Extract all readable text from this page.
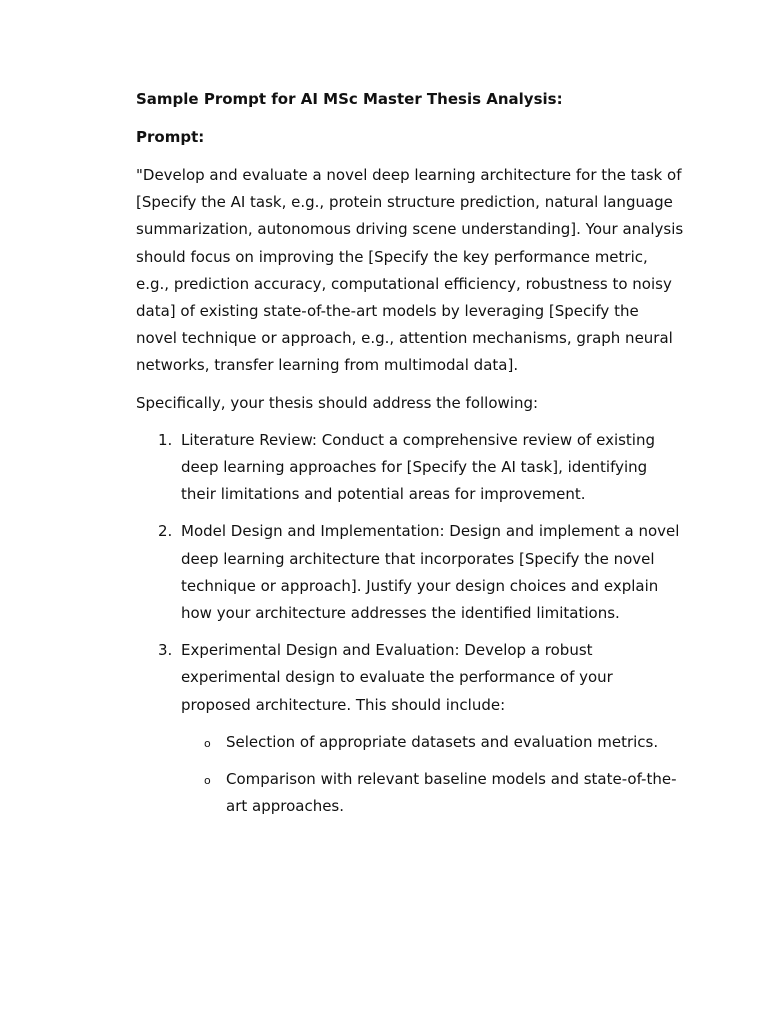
Sample Prompt for AI MSc Master Thesis Analysis:
Prompt:
"Develop and evaluate a novel deep learning architecture for the task of [Specify the AI task, e.g., protein structure prediction, natural language summarization, autonomous driving scene understanding]. Your analysis should focus on improving the [Specify the key performance metric, e.g., prediction accuracy, computational efficiency, robustness to noisy data] of existing state-of-the-art models by leveraging [Specify the novel technique or approach, e.g., attention mechanisms, graph neural networks, transfer learning from multimodal data].
Specifically, your thesis should address the following:
1. Literature Review: Conduct a comprehensive review of existing deep learning approaches for [Specify the AI task], identifying their limitations and potential areas for improvement.
2. Model Design and Implementation: Design and implement a novel deep learning architecture that incorporates [Specify the novel technique or approach]. Justify your design choices and explain how your architecture addresses the identified limitations.
3. Experimental Design and Evaluation: Develop a robust experimental design to evaluate the performance of your proposed architecture. This should include:
o Selection of appropriate datasets and evaluation metrics.
o Comparison with relevant baseline models and state-of-the-art approaches.
